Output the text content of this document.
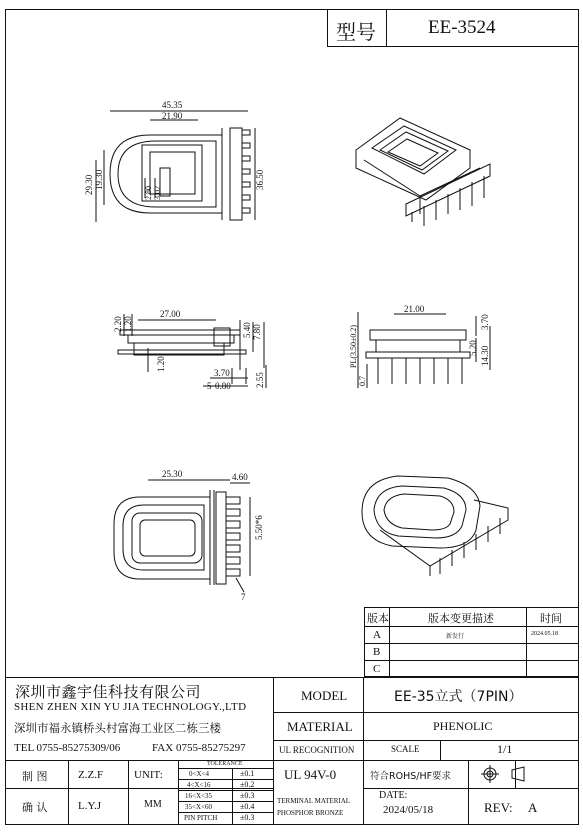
型号	EE-3524
45.35
21.90
29.30 19.30	36.50
2.80 3.02
27.00
2.20 1.20	5.40 7.80
3.70
0.80	2.55
1.20
5
21.00
3.70
5.20 14.30
PL(3.50±0.2)
0.7
25.30	4.60
5.50*6
7
版本	版本变更描述	时间
A	新发行	2024.05.18
B
C
深圳市鑫宇佳科技有限公司
SHEN ZHEN XIN YU JIA TECHNOLOGY.,LTD
深圳市福永镇桥头村富海工业区二栋三楼
TEL 0755-85275309/06	FAX 0755-85275297
MODEL	EE-35立式（7PIN）
MATERIAL	PHENOLIC
UL RECOGNITION	SCALE	1/1
制 图	Z.Z.F
确 认	L.Y.J
UNIT:
MM
TOLERANCE
0<X<4	±0.1
4<X<16	±0.2
16<X<35	±0.3
35<X<60	±0.4
PIN PITCH	±0.3
UL 94V-0
TERMINAL MATERIAL
PHOSPHOR BRONZE
符合ROHS/HF要求
DATE:
2024/05/18	REV: A
